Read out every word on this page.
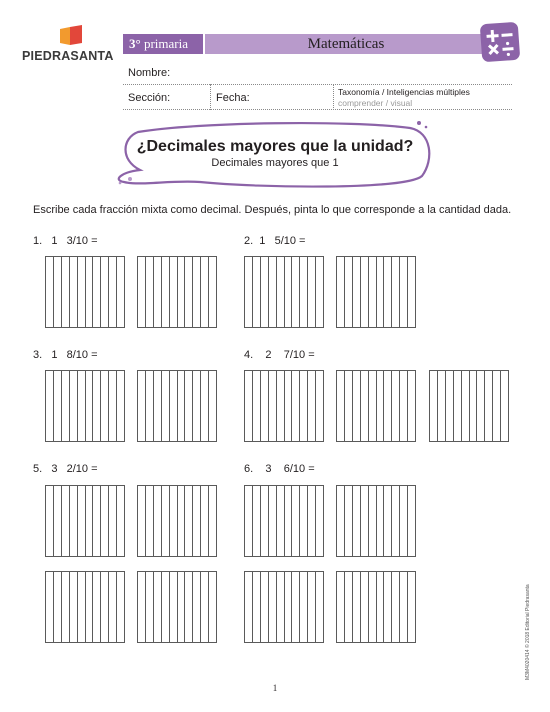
PIEDRASANTA
3° primaria	Matemáticas
Nombre:
Sección:	Fecha:	Taxonomía / Inteligencias múltiples
comprender / visual
¿Decimales mayores que la unidad?
Decimales mayores que 1
Escribe cada fracción mixta como decimal. Después, pinta lo que corresponde a la cantidad dada.
1.   1   3/10 =	2.  1   5/10 =
3.   1   8/10 =	4.    2    7/10 =
5.   3   2/10 =	6.    3    6/10 =
M3M4020414 © 2018 Editorial Piedrasanta
1
